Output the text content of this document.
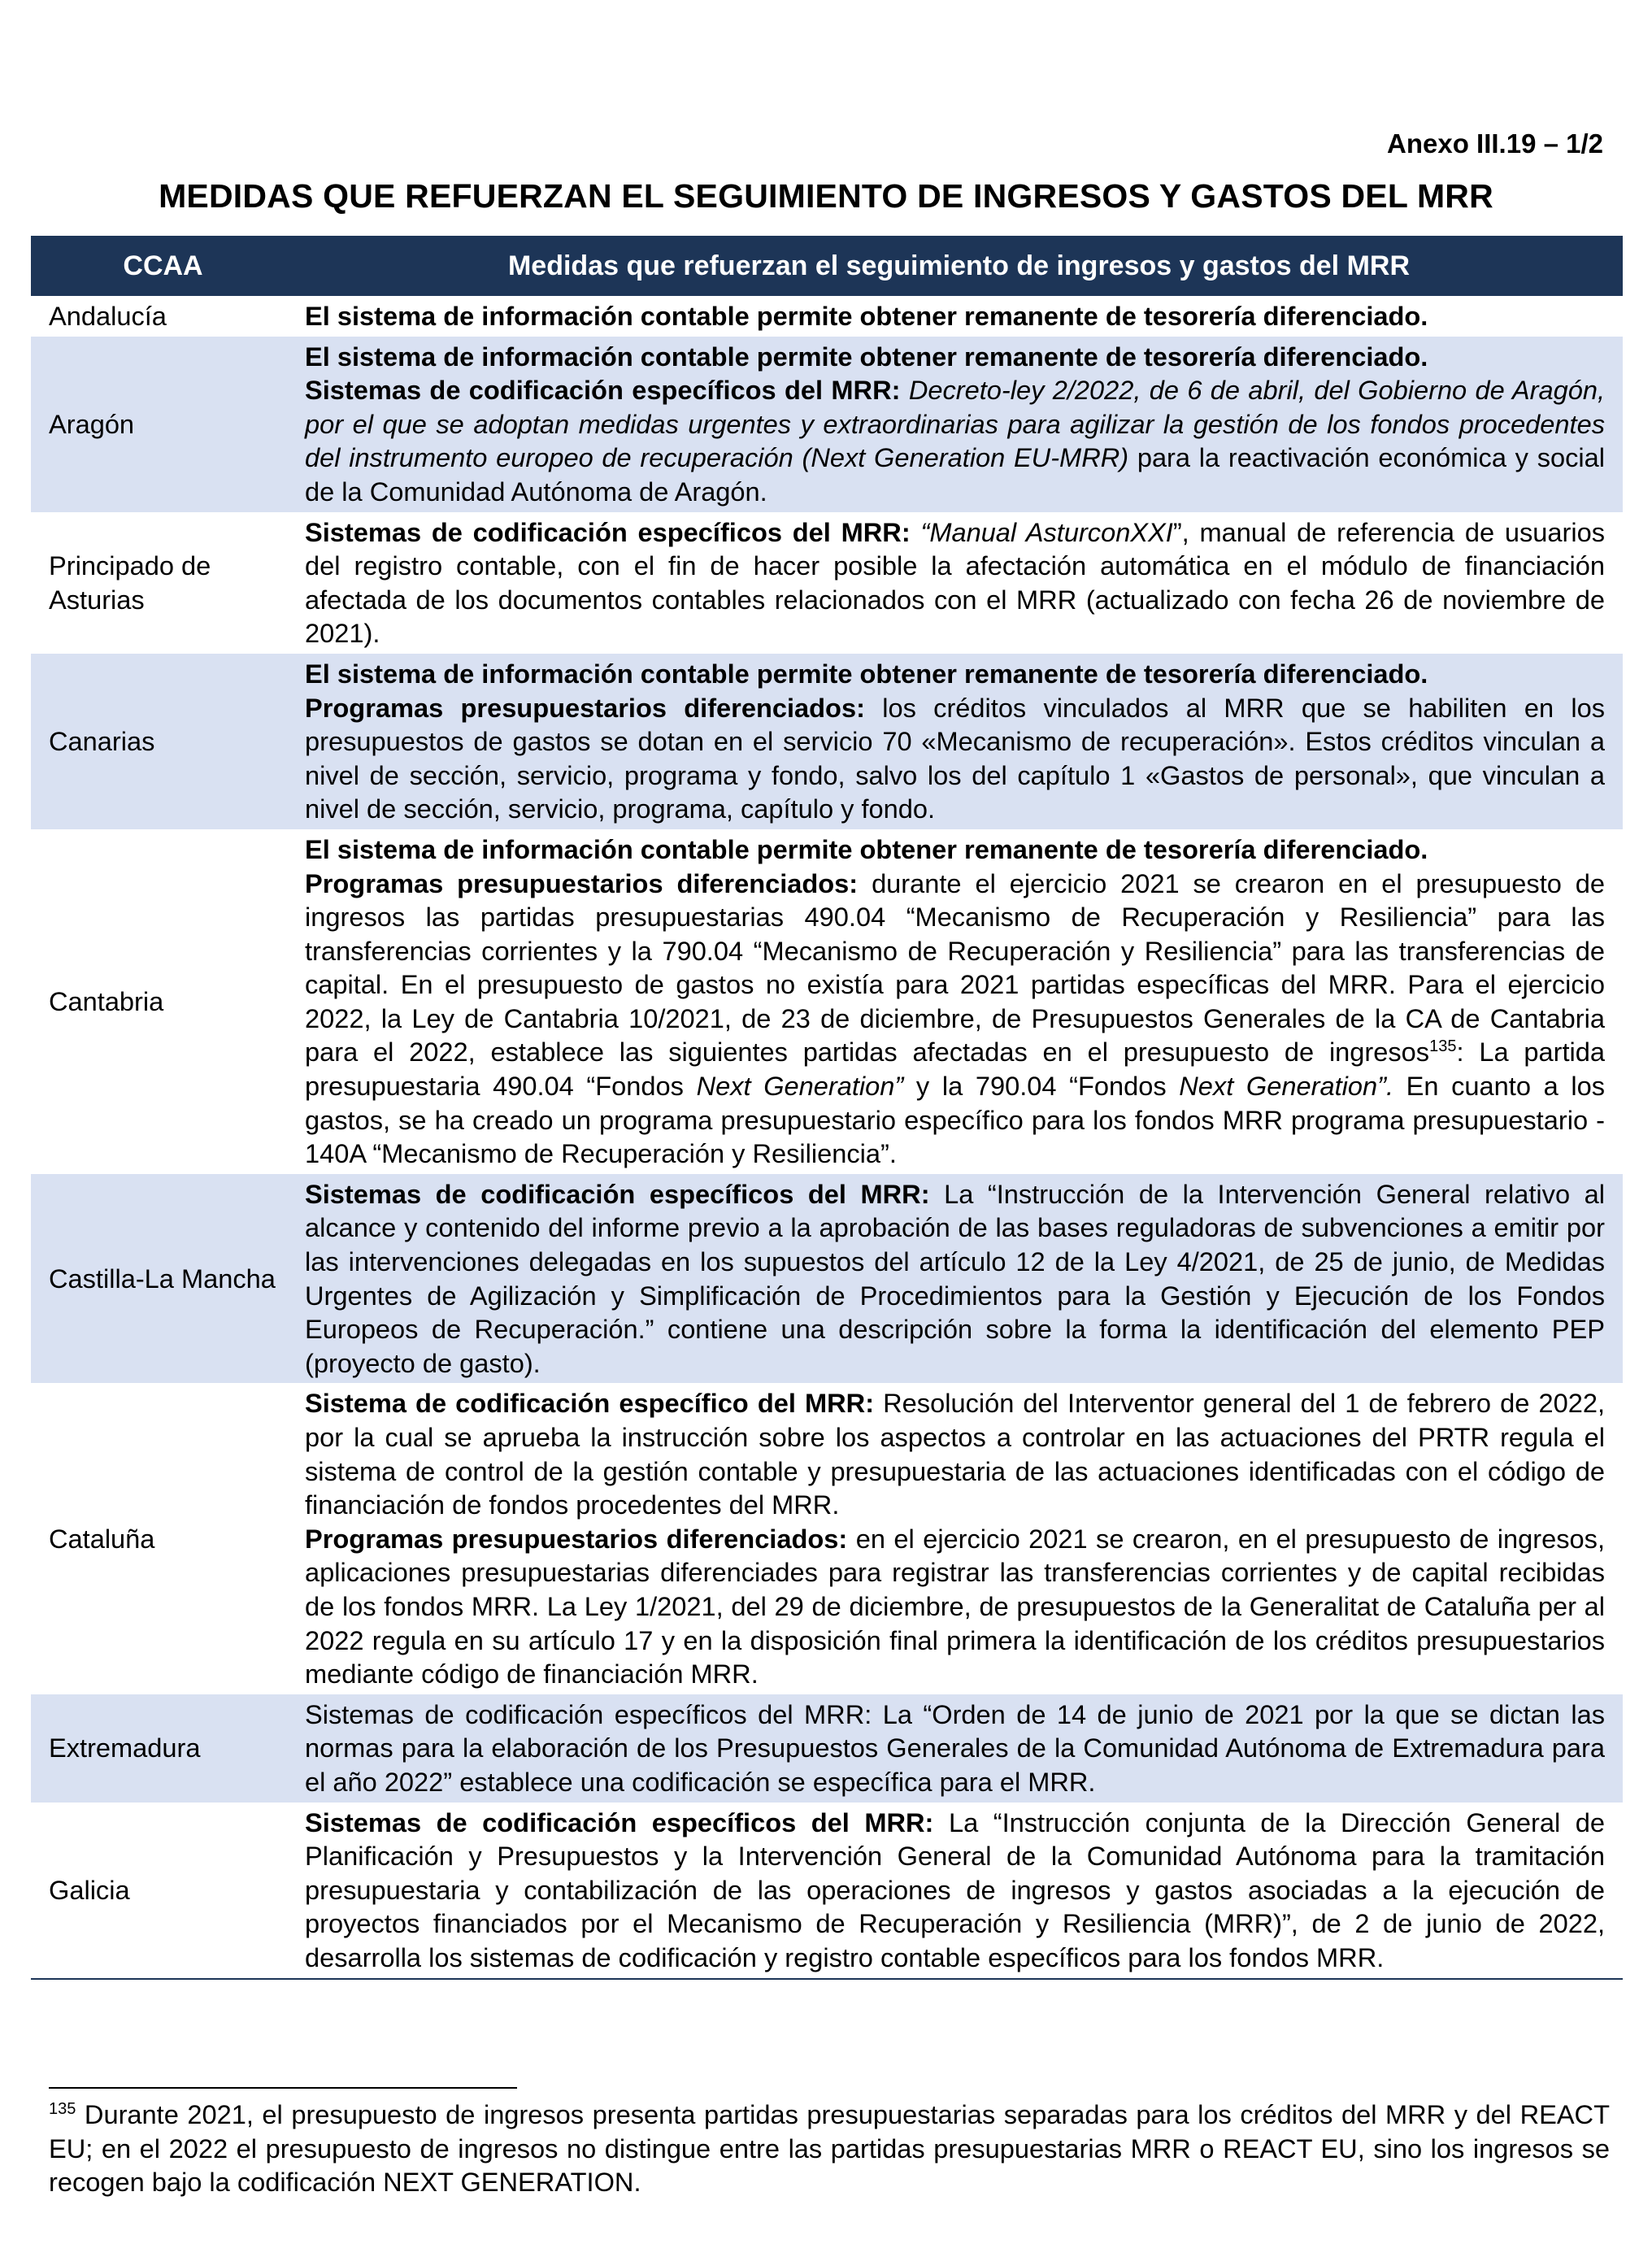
Anexo III.19 – 1/2
MEDIDAS QUE REFUERZAN EL SEGUIMIENTO DE INGRESOS Y GASTOS DEL MRR
CCAA	Medidas que refuerzan el seguimiento de ingresos y gastos del MRR
Andalucía	El sistema de información contable permite obtener remanente de tesorería diferenciado.
Aragón	El sistema de información contable permite obtener remanente de tesorería diferenciado.
Sistemas de codificación específicos del MRR: Decreto-ley 2/2022, de 6 de abril, del Gobierno de Aragón, por el que se adoptan medidas urgentes y extraordinarias para agilizar la gestión de los fondos procedentes del instrumento europeo de recuperación (Next Generation EU-MRR) para la reactivación económica y social de la Comunidad Autónoma de Aragón.
Principado de Asturias	Sistemas de codificación específicos del MRR: “Manual AsturconXXI”, manual de referencia de usuarios del registro contable, con el fin de hacer posible la afectación automática en el módulo de financiación afectada de los documentos contables relacionados con el MRR (actualizado con fecha 26 de noviembre de 2021).
Canarias	El sistema de información contable permite obtener remanente de tesorería diferenciado.
Programas presupuestarios diferenciados: los créditos vinculados al MRR que se habiliten en los presupuestos de gastos se dotan en el servicio 70 «Mecanismo de recuperación». Estos créditos vinculan a nivel de sección, servicio, programa y fondo, salvo los del capítulo 1 «Gastos de personal», que vinculan a nivel de sección, servicio, programa, capítulo y fondo.
Cantabria	El sistema de información contable permite obtener remanente de tesorería diferenciado.
Programas presupuestarios diferenciados: durante el ejercicio 2021 se crearon en el presupuesto de ingresos las partidas presupuestarias 490.04 “Mecanismo de Recuperación y Resiliencia” para las transferencias corrientes y la 790.04 “Mecanismo de Recuperación y Resiliencia” para las transferencias de capital. En el presupuesto de gastos no existía para 2021 partidas específicas del MRR. Para el ejercicio 2022, la Ley de Cantabria 10/2021, de 23 de diciembre, de Presupuestos Generales de la CA de Cantabria para el 2022, establece las siguientes partidas afectadas en el presupuesto de ingresos$^{135}$: La partida presupuestaria 490.04 “Fondos Next Generation” y la 790.04 “Fondos Next Generation”. En cuanto a los gastos, se ha creado un programa presupuestario específico para los fondos MRR programa presupuestario - 140A “Mecanismo de Recuperación y Resiliencia”.
Castilla-La Mancha	Sistemas de codificación específicos del MRR: La “Instrucción de la Intervención General relativo al alcance y contenido del informe previo a la aprobación de las bases reguladoras de subvenciones a emitir por las intervenciones delegadas en los supuestos del artículo 12 de la Ley 4/2021, de 25 de junio, de Medidas Urgentes de Agilización y Simplificación de Procedimientos para la Gestión y Ejecución de los Fondos Europeos de Recuperación.” contiene una descripción sobre la forma la identificación del elemento PEP (proyecto de gasto).
Cataluña	Sistema de codificación específico del MRR: Resolución del Interventor general del 1 de febrero de 2022, por la cual se aprueba la instrucción sobre los aspectos a controlar en las actuaciones del PRTR regula el sistema de control de la gestión contable y presupuestaria de las actuaciones identificadas con el código de financiación de fondos procedentes del MRR.
Programas presupuestarios diferenciados: en el ejercicio 2021 se crearon, en el presupuesto de ingresos, aplicaciones presupuestarias diferenciades para registrar las transferencias corrientes y de capital recibidas de los fondos MRR. La Ley 1/2021, del 29 de diciembre, de presupuestos de la Generalitat de Cataluña per al 2022 regula en su artículo 17 y en la disposición final primera la identificación de los créditos presupuestarios mediante código de financiación MRR.
Extremadura	Sistemas de codificación específicos del MRR: La “Orden de 14 de junio de 2021 por la que se dictan las normas para la elaboración de los Presupuestos Generales de la Comunidad Autónoma de Extremadura para el año 2022” establece una codificación se específica para el MRR.
Galicia	Sistemas de codificación específicos del MRR: La “Instrucción conjunta de la Dirección General de Planificación y Presupuestos y la Intervención General de la Comunidad Autónoma para la tramitación presupuestaria y contabilización de las operaciones de ingresos y gastos asociadas a la ejecución de proyectos financiados por el Mecanismo de Recuperación y Resiliencia (MRR)”, de 2 de junio de 2022, desarrolla los sistemas de codificación y registro contable específicos para los fondos MRR.
$^{135}$ Durante 2021, el presupuesto de ingresos presenta partidas presupuestarias separadas para los créditos del MRR y del REACT EU; en el 2022 el presupuesto de ingresos no distingue entre las partidas presupuestarias MRR o REACT EU, sino los ingresos se recogen bajo la codificación NEXT GENERATION.
